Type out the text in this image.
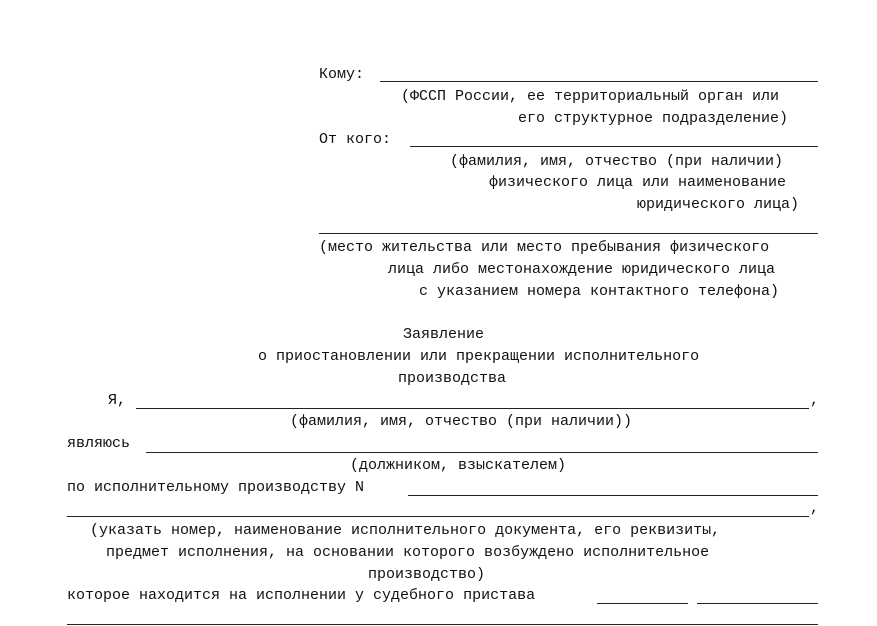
Кому:
(ФССП России, ее территориальный орган или
его структурное подразделение)
От кого:
(фамилия, имя, отчество (при наличии)
физического лица или наименование
юридического лица)
(место жительства или место пребывания физического
лица либо местонахождение юридического лица
с указанием номера контактного телефона)
Заявление
о приостановлении или прекращении исполнительного
производства
Я,	,
(фамилия, имя, отчество (при наличии))
являюсь
(должником, взыскателем)
по исполнительному производству N
,
(указать номер, наименование исполнительного документа, его реквизиты,
предмет исполнения, на основании которого возбуждено исполнительное
производство)
которое находится на исполнении у судебного пристава
